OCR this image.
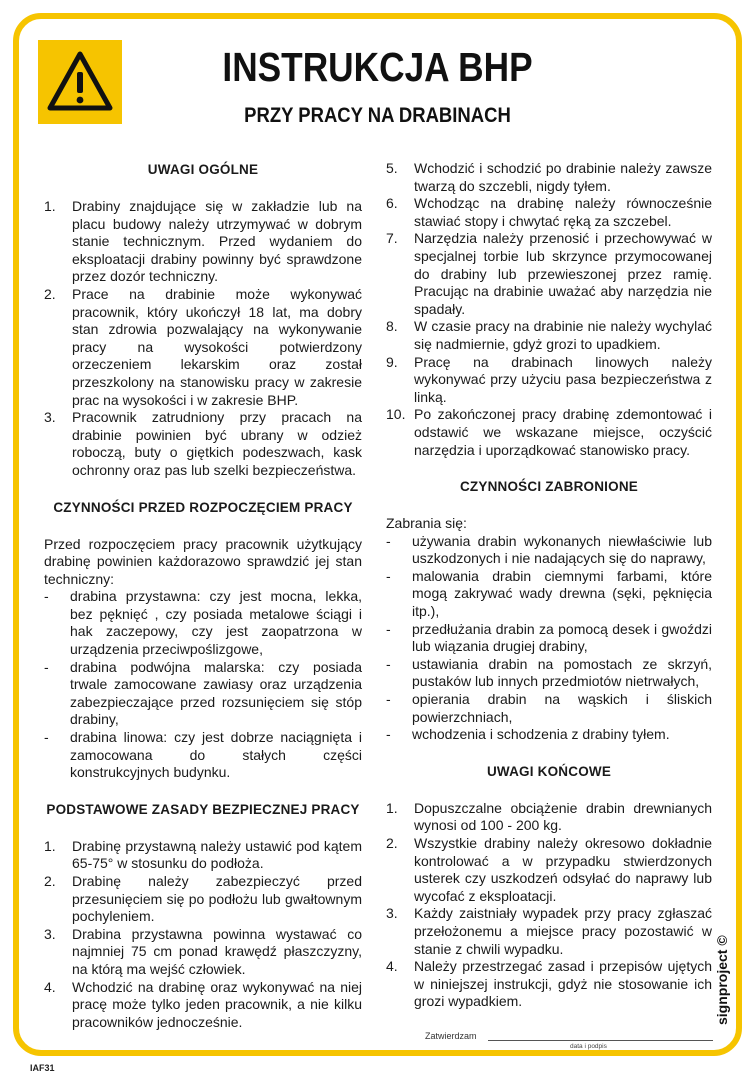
INSTRUKCJA BHP
PRZY PRACY NA DRABINACH
UWAGI OGÓLNE
1.	Drabiny znajdujące się w zakładzie lub na placu budowy należy utrzymywać w dobrym stanie technicznym. Przed wydaniem do eksploatacji drabiny powinny być sprawdzone przez dozór techniczny.
2.	Prace na drabinie może wykonywać pracownik, który ukończył 18 lat, ma dobry stan zdrowia pozwalający na wykonywanie pracy na wysokości potwierdzony orzeczeniem lekarskim oraz został przeszkolony na stanowisku pracy w zakresie prac na wysokości i w zakresie BHP.
3.	Pracownik zatrudniony przy pracach na drabinie powinien być ubrany w odzież roboczą, buty o giętkich podeszwach, kask ochronny oraz pas lub szelki bezpieczeństwa.
CZYNNOŚCI PRZED ROZPOCZĘCIEM PRACY
Przed rozpoczęciem pracy pracownik użytkujący drabinę powinien każdorazowo sprawdzić jej stan techniczny:
-	drabina przystawna: czy jest mocna, lekka, bez pęknięć , czy posiada metalowe ściągi i hak zaczepowy, czy jest zaopatrzona w urządzenia przeciwpoślizgowe,
-	drabina podwójna malarska: czy posiada trwale zamocowane zawiasy oraz urządzenia zabezpieczające przed rozsunięciem się stóp drabiny,
-	drabina linowa: czy jest dobrze naciągnięta i zamocowana do stałych części konstrukcyjnych budynku.
PODSTAWOWE ZASADY BEZPIECZNEJ PRACY
1.	Drabinę przystawną należy ustawić pod kątem 65-75° w stosunku do podłoża.
2.	Drabinę należy zabezpieczyć przed przesunięciem się po podłożu lub gwałtownym pochyleniem.
3.	Drabina przystawna powinna wystawać co najmniej 75 cm ponad krawędź płaszczyzny, na którą ma wejść człowiek.
4.	Wchodzić na drabinę oraz wykonywać na niej pracę może tylko jeden pracownik, a nie kilku pracowników jednocześnie.
5.	Wchodzić i schodzić po drabinie należy zawsze twarzą do szczebli, nigdy tyłem.
6.	Wchodząc na drabinę należy równocześnie stawiać stopy i chwytać ręką za szczebel.
7.	Narzędzia należy przenosić i przechowywać w specjalnej torbie lub skrzynce przymocowanej do drabiny lub przewieszonej przez ramię. Pracując na drabinie uważać aby narzędzia nie spadały.
8.	W czasie pracy na drabinie nie należy wychylać się nadmiernie, gdyż grozi to upadkiem.
9.	Pracę na drabinach linowych należy wykonywać przy użyciu pasa bezpieczeństwa z linką.
10. Po zakończonej pracy drabinę zdemontować i odstawić we wskazane miejsce, oczyścić narzędzia i uporządkować stanowisko pracy.
CZYNNOŚCI ZABRONIONE
Zabrania się:
-	używania drabin wykonanych niewłaściwie lub uszkodzonych i nie nadających się do naprawy,
-	malowania drabin ciemnymi farbami, które mogą zakrywać wady drewna (sęki, pęknięcia itp.),
-	przedłużania drabin za pomocą desek i gwoździ lub wiązania drugiej drabiny,
-	ustawiania drabin na pomostach ze skrzyń, pustaków lub innych przedmiotów nietrwałych,
-	opierania drabin na wąskich i śliskich powierzchniach,
-	wchodzenia i schodzenia z drabiny tyłem.
UWAGI KOŃCOWE
1.	Dopuszczalne obciążenie drabin drewnianych wynosi od 100 - 200 kg.
2.	Wszystkie drabiny należy okresowo dokładnie kontrolować a w przypadku stwierdzonych usterek czy uszkodzeń odsyłać do naprawy lub wycofać z eksploatacji.
3.	Każdy zaistniały wypadek przy pracy zgłaszać przełożonemu a miejsce pracy pozostawić w stanie z chwili wypadku.
4.	Należy przestrzegać zasad i przepisów ujętych w niniejszej instrukcji, gdyż nie stosowanie ich grozi wypadkiem.
Zatwierdzam
data i podpis
IAF31
signproject ©
